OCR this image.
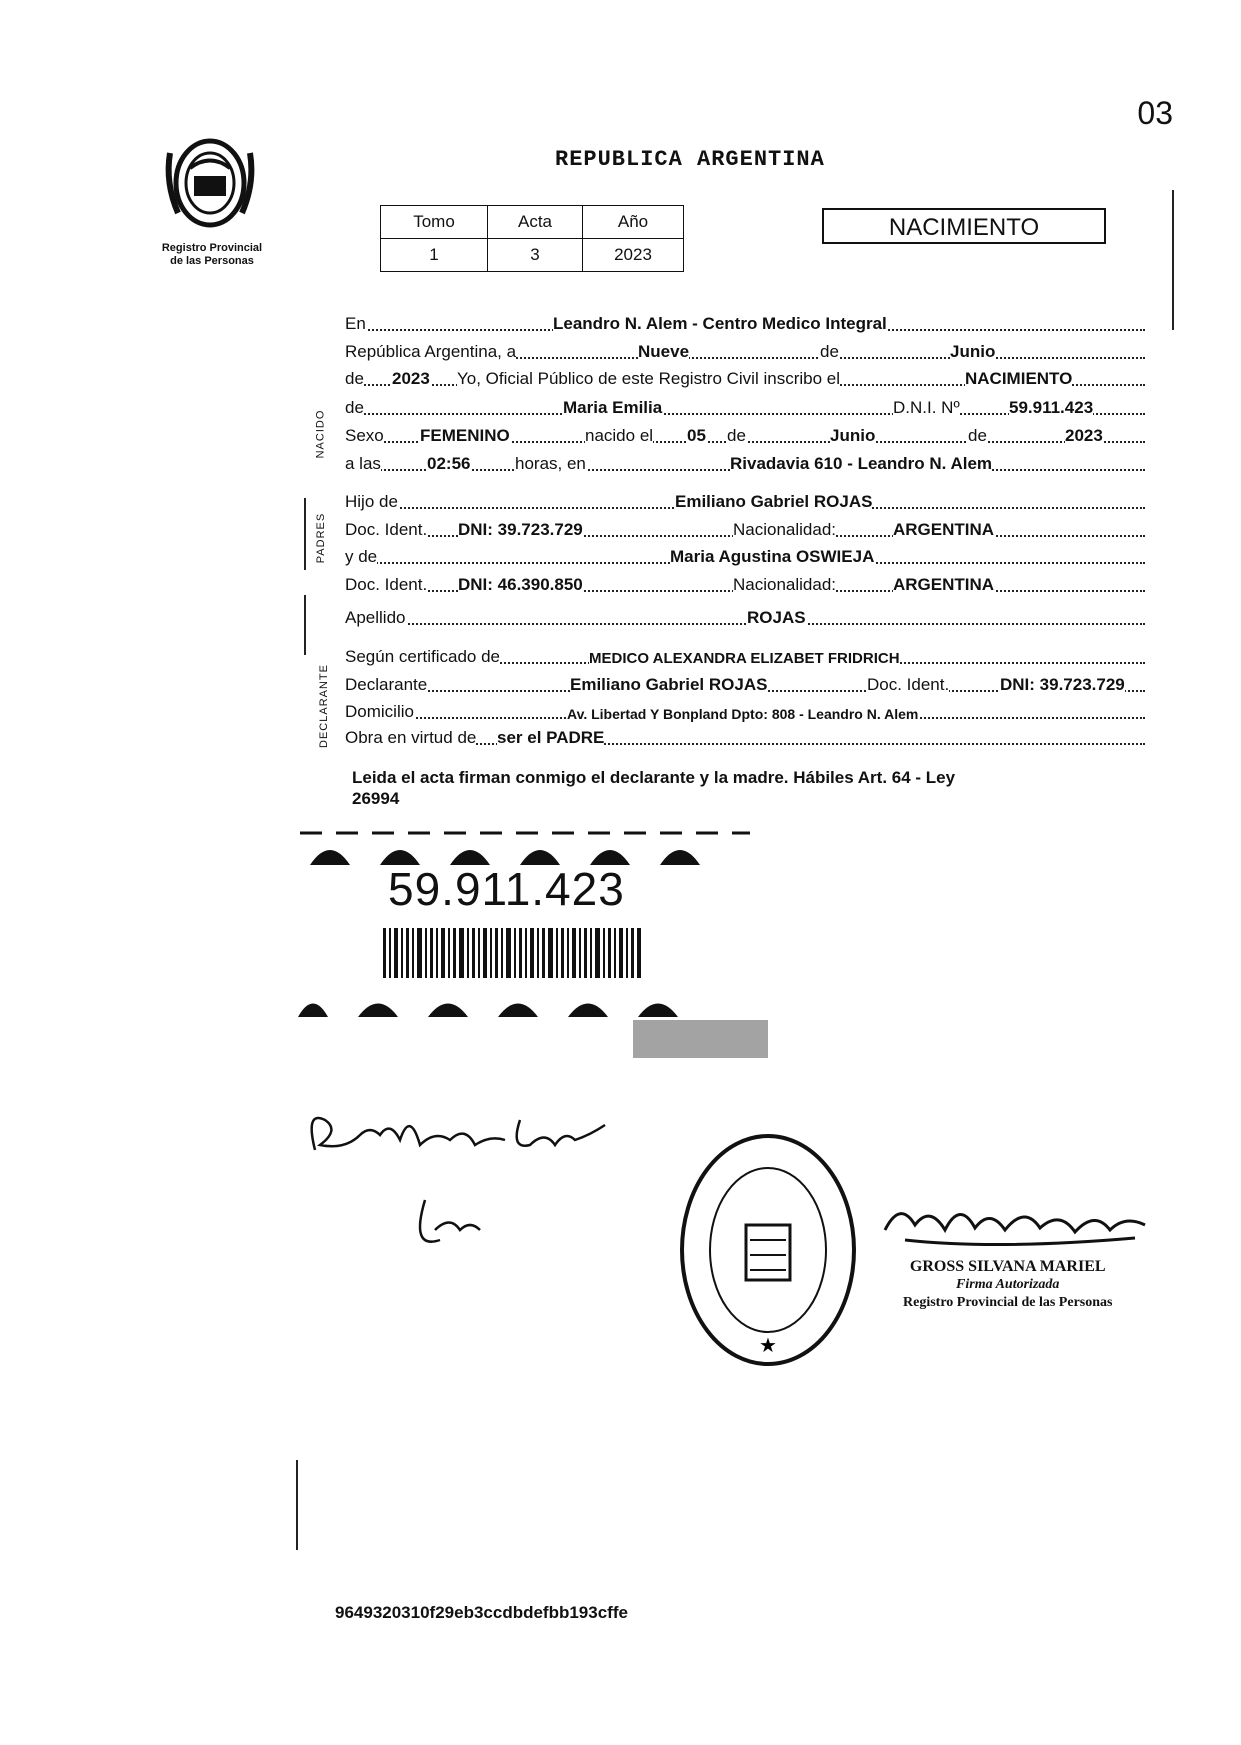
03
Registro Provincial
de las Personas
REPUBLICA ARGENTINA
Tomo	Acta	Año
1	3	2023
NACIMIENTO
NACIDO
PADRES
DECLARANTE
En	Leandro N. Alem - Centro Medico Integral
República Argentina, a	Nueve	de	Junio
de 2023 Yo, Oficial Público de este Registro Civil inscribo el	NACIMIENTO
de	Maria Emilia	D.N.I. Nº	59.911.423
Sexo FEMENINO	nacido el 05 de	Junio	de	2023
a las	02:56	horas, en	Rivadavia 610 - Leandro N. Alem
Hijo de	Emiliano Gabriel ROJAS
Doc. Ident. DNI: 39.723.729	Nacionalidad:	ARGENTINA
y de	Maria Agustina OSWIEJA
Doc. Ident. DNI: 46.390.850	Nacionalidad:	ARGENTINA
Apellido	ROJAS
Según certificado de	MEDICO ALEXANDRA ELIZABET FRIDRICH
Declarante	Emiliano Gabriel ROJAS	Doc. Ident.	DNI: 39.723.729
Domicilio	Av. Libertad Y Bonpland Dpto: 808 - Leandro N. Alem
Obra en virtud de ser el PADRE
Leida el acta firman conmigo el declarante y la madre. Hábiles Art. 64 - Ley
26994
59.911.423
★
GROSS SILVANA MARIEL
Firma Autorizada
Registro Provincial de las Personas
9649320310f29eb3ccdbdefbb193cffe
